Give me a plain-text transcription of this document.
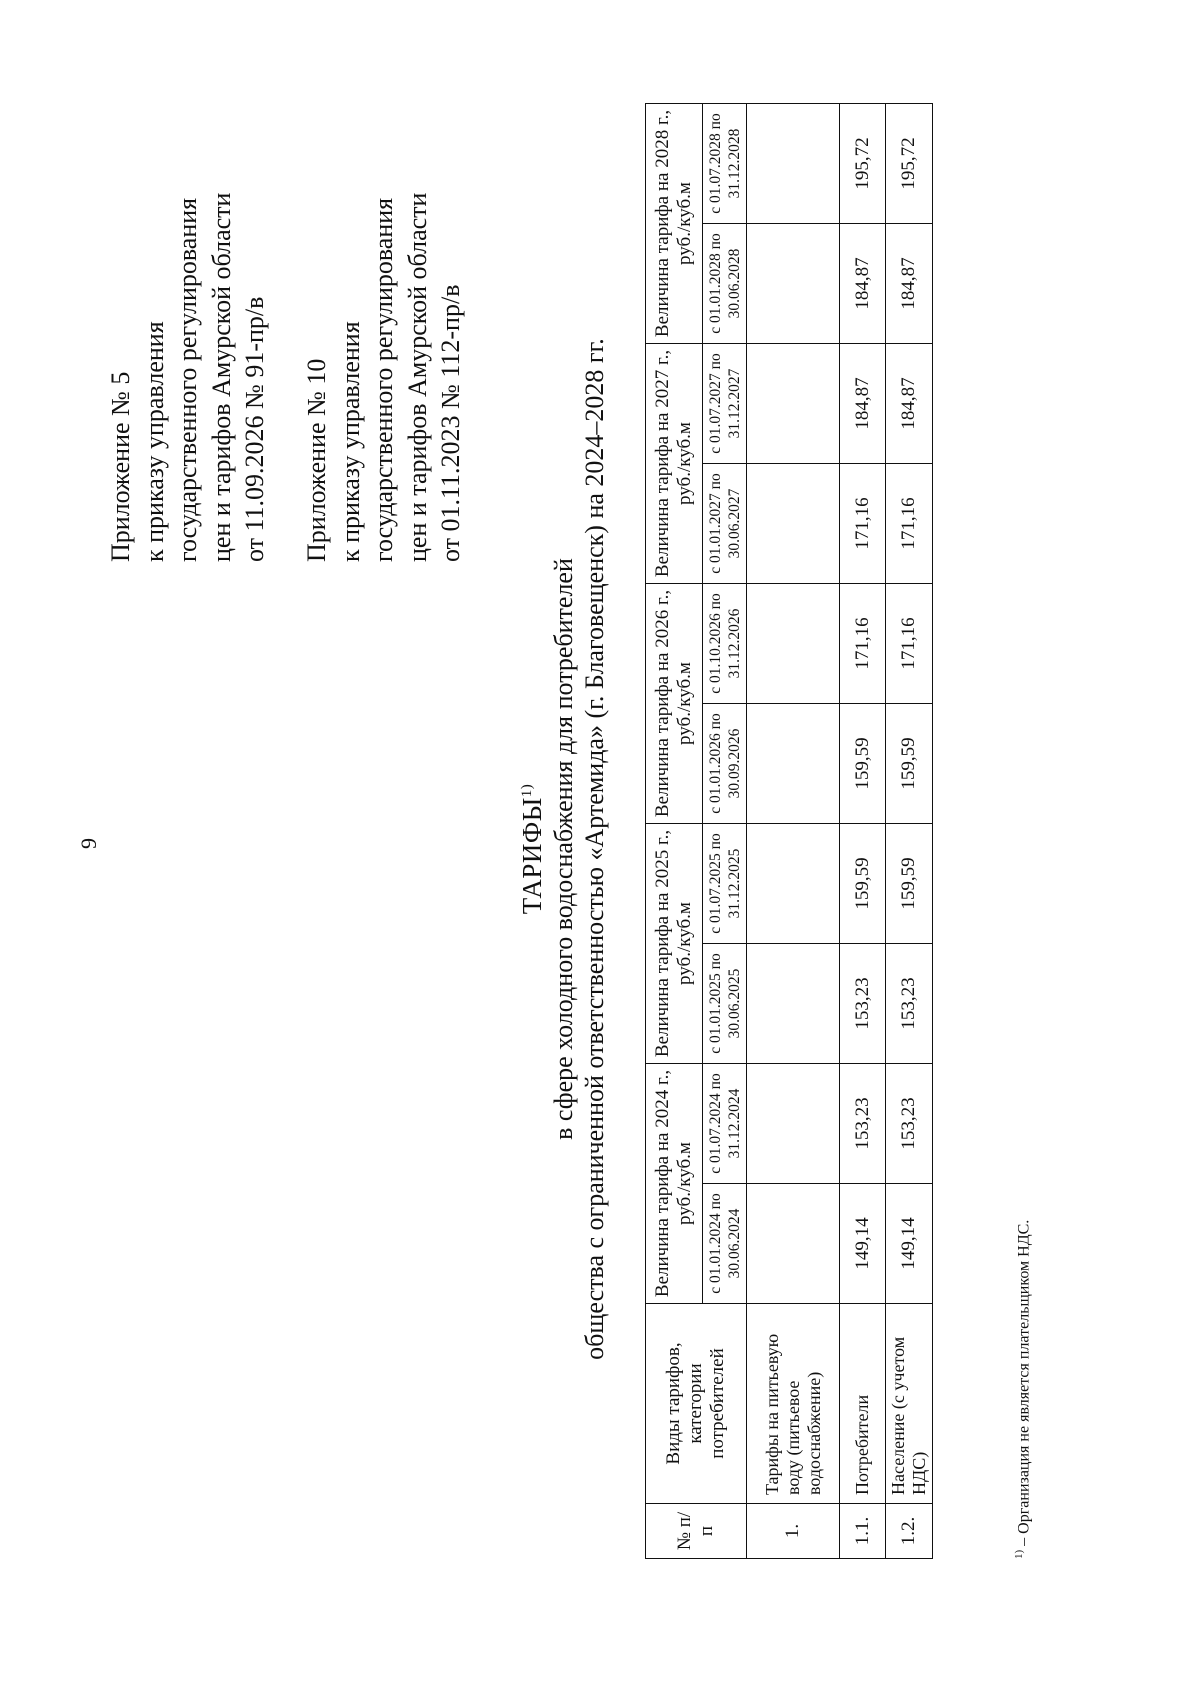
9
Приложение № 5 к приказу управления государственного регулирования цен и тарифов Амурской области от 11.09.2026 № 91-пр/в Приложение № 10 к приказу управления государственного регулирования цен и тарифов Амурской области от 01.11.2023 № 112-пр/в
ТАРИФЫ$^{1)}$ в сфере холодного водоснабжения для потребителей общества с ограниченной ответственностью «Артемида» (г. Благовещенск) на 2024–2028 гг.
№ п/п	Виды тарифов, категории потребителей	Величина тарифа на 2024 г., руб./куб.м		Величина тарифа на 2025 г., руб./куб.м		Величина тарифа на 2026 г., руб./куб.м		Величина тарифа на 2027 г., руб./куб.м		Величина тарифа на 2028 г., руб./куб.м	
		с 01.01.2024 по 30.06.2024	с 01.07.2024 по 31.12.2024	с 01.01.2025 по 30.06.2025	с 01.07.2025 по 31.12.2025	с 01.01.2026 по 30.09.2026	с 01.10.2026 по 31.12.2026	с 01.01.2027 по 30.06.2027	с 01.07.2027 по 31.12.2027	с 01.01.2028 по 30.06.2028	с 01.07.2028 по 31.12.2028
1.	Тарифы на питьевую воду (питьевое водоснабжение)										
1.1.	Потребители	149,14	153,23	153,23	159,59	159,59	171,16	171,16	184,87	184,87	195,72
1.2.	Население (с учетом НДС)	149,14	153,23	153,23	159,59	159,59	171,16	171,16	184,87	184,87	195,72
$^{1)}$ – Организация не является плательщиком НДС.
